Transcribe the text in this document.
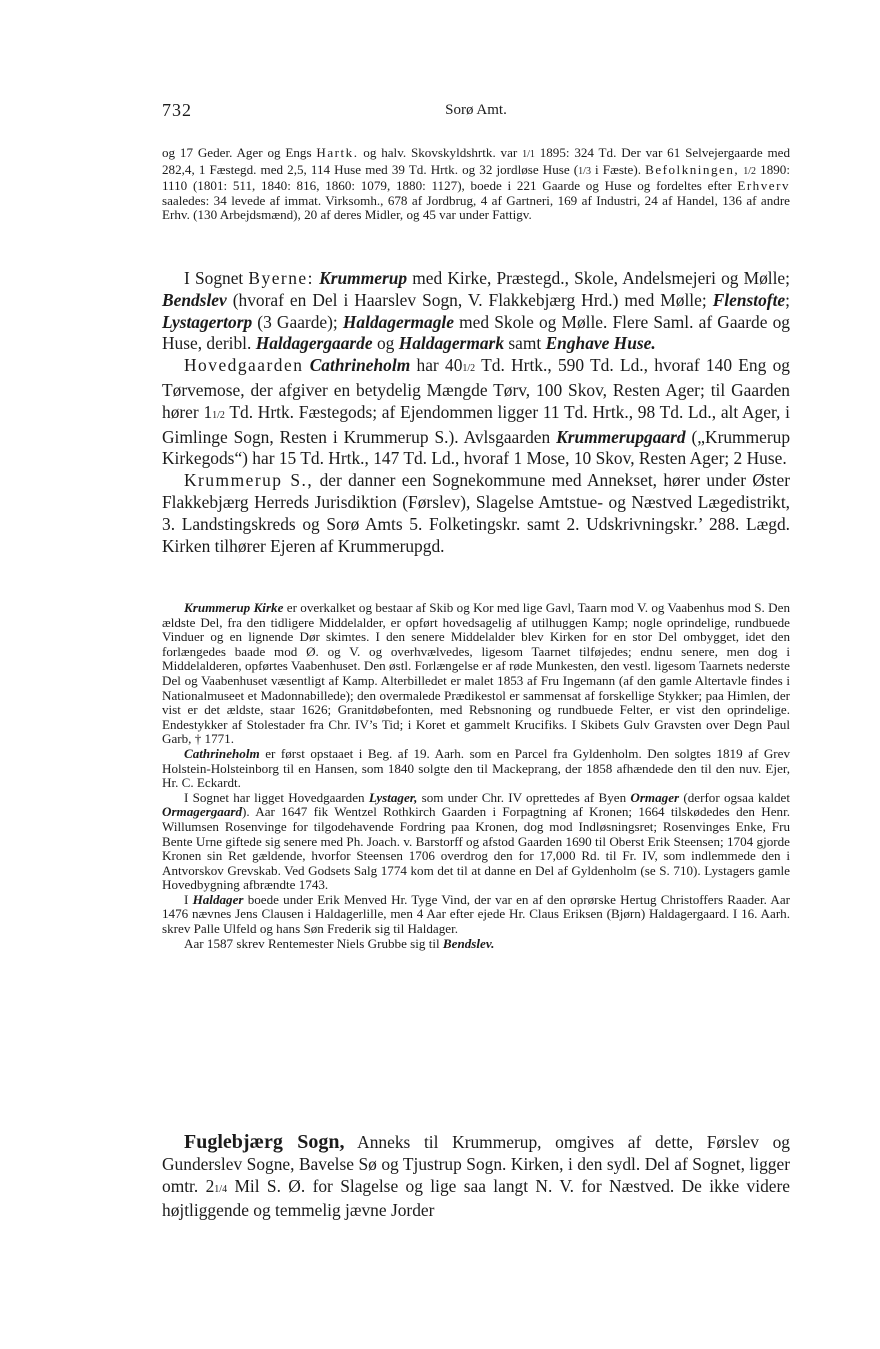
732	Sorø Amt.

og 17 Geder. Ager og Engs Hartk. og halv. Skovskyldshrtk. var 1/1 1895: 324 Td. Der var 61 Selvejergaarde med 282,4, 1 Fæstegd. med 2,5, 114 Huse med 39 Td. Hrtk. og 32 jordløse Huse (1/3 i Fæste). Befolkningen, 1/2 1890: 1110 (1801: 511, 1840: 816, 1860: 1079, 1880: 1127), boede i 221 Gaarde og Huse og fordeltes efter Erhverv saaledes: 34 levede af immat. Virksomh., 678 af Jordbrug, 4 af Gartneri, 169 af Industri, 24 af Handel, 136 af andre Erhv. (130 Arbejdsmænd), 20 af deres Midler, og 45 var under Fattigv.

I Sognet Byerne: Krummerup med Kirke, Præstegd., Skole, Andelsmejeri og Mølle; Bendslev (hvoraf en Del i Haarslev Sogn, V. Flakkebjærg Hrd.) med Mølle; Flenstofte; Lystagertorp (3 Gaarde); Haldagermagle med Skole og Mølle. Flere Saml. af Gaarde og Huse, deribl. Haldagergaarde og Haldagermark samt Enghave Huse.

Hovedgaarden Cathrineholm har 401/2 Td. Hrtk., 590 Td. Ld., hvoraf 140 Eng og Tørvemose, der afgiver en betydelig Mængde Tørv, 100 Skov, Resten Ager; til Gaarden hører 11/2 Td. Hrtk. Fæstegods; af Ejendommen ligger 11 Td. Hrtk., 98 Td. Ld., alt Ager, i Gimlinge Sogn, Resten i Krummerup S.). Avlsgaarden Krummerupgaard („Krummerup Kirkegods“) har 15 Td. Hrtk., 147 Td. Ld., hvoraf 1 Mose, 10 Skov, Resten Ager; 2 Huse.

Krummerup S., der danner een Sognekommune med Annekset, hører under Øster Flakkebjærg Herreds Jurisdiktion (Førslev), Slagelse Amtstue- og Næstved Lægedistrikt, 3. Landstingskreds og Sorø Amts 5. Folketingskr. samt 2. Udskrivningskr.’ 288. Lægd. Kirken tilhører Ejeren af Krummerupgd.

Krummerup Kirke er overkalket og bestaar af Skib og Kor med lige Gavl, Taarn mod V. og Vaabenhus mod S. Den ældste Del, fra den tidligere Middelalder, er opført hovedsagelig af utilhuggen Kamp; nogle oprindelige, rundbuede Vinduer og en lignende Dør skimtes. I den senere Middelalder blev Kirken for en stor Del ombygget, idet den forlængedes baade mod Ø. og V. og overhvælvedes, ligesom Taarnet tilføjedes; endnu senere, men dog i Middelalderen, opførtes Vaabenhuset. Den østl. Forlængelse er af røde Munkesten, den vestl. ligesom Taarnets nederste Del og Vaabenhuset væsentligt af Kamp. Alterbilledet er malet 1853 af Fru Ingemann (af den gamle Altertavle findes i Nationalmuseet et Madonnabillede); den overmalede Prædikestol er sammensat af forskellige Stykker; paa Himlen, der vist er det ældste, staar 1626; Granitdøbefonten, med Rebsnoning og rundbuede Felter, er vist den oprindelige. Endestykker af Stolestader fra Chr. IV’s Tid; i Koret et gammelt Krucifiks. I Skibets Gulv Gravsten over Degn Paul Garb, † 1771.

Cathrineholm er først opstaaet i Beg. af 19. Aarh. som en Parcel fra Gyldenholm. Den solgtes 1819 af Grev Holstein-Holsteinborg til en Hansen, som 1840 solgte den til Mackeprang, der 1858 afhændede den til den nuv. Ejer, Hr. C. Eckardt.

I Sognet har ligget Hovedgaarden Lystager, som under Chr. IV oprettedes af Byen Ormager (derfor ogsaa kaldet Ormagergaard). Aar 1647 fik Wentzel Rothkirch Gaarden i Forpagtning af Kronen; 1664 tilskødedes den Henr. Willumsen Rosenvinge for tilgodehavende Fordring paa Kronen, dog mod Indløsningsret; Rosenvinges Enke, Fru Bente Urne giftede sig senere med Ph. Joach. v. Barstorff og afstod Gaarden 1690 til Oberst Erik Steensen; 1704 gjorde Kronen sin Ret gældende, hvorfor Steensen 1706 overdrog den for 17,000 Rd. til Fr. IV, som indlemmede den i Antvorskov Grevskab. Ved Godsets Salg 1774 kom det til at danne en Del af Gyldenholm (se S. 710). Lystagers gamle Hovedbygning afbrændte 1743.

I Haldager boede under Erik Menved Hr. Tyge Vind, der var en af den oprørske Hertug Christoffers Raader. Aar 1476 nævnes Jens Clausen i Haldagerlille, men 4 Aar efter ejede Hr. Claus Eriksen (Bjørn) Haldagergaard. I 16. Aarh. skrev Palle Ulfeld og hans Søn Frederik sig til Haldager.

Aar 1587 skrev Rentemester Niels Grubbe sig til Bendslev.

Fuglebjærg Sogn, Anneks til Krummerup, omgives af dette, Førslev og Gunderslev Sogne, Bavelse Sø og Tjustrup Sogn. Kirken, i den sydl. Del af Sognet, ligger omtr. 21/4 Mil S. Ø. for Slagelse og lige saa langt N. V. for Næstved. De ikke videre højtliggende og temmelig jævne Jorder
